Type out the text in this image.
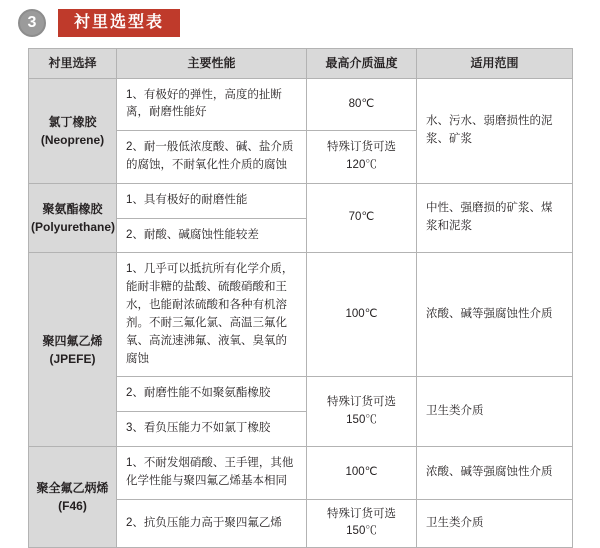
3	衬里选型表
衬里选择	主要性能	最高介质温度	适用范围
氯丁橡胶
(Neoprene)	1、有极好的弹性，高度的扯断离，耐磨性能好	80℃	水、污水、弱磨损性的泥浆、矿浆
	2、耐一般低浓度酸、碱、盐介质的腐蚀，不耐氧化性介质的腐蚀	特殊订货可选120℃	
聚氨酯橡胶
(Polyurethane)	1、具有极好的耐磨性能	70℃	中性、强磨损的矿浆、煤浆和泥浆
	2、耐酸、碱腐蚀性能较差		
聚四氟乙烯
(JPEFE)	1、几乎可以抵抗所有化学介质，能耐非糖的盐酸、硫酸硝酸和王水，也能耐浓硫酸和各种有机溶剂。不耐三氟化氯、高温三氟化氧、高流速沸氟、液氧、臭氧的腐蚀	100℃	浓酸、碱等强腐蚀性介质
	2、耐磨性能不如聚氨酯橡胶	特殊订货可选150℃	卫生类介质
	3、看负压能力不如氯丁橡胶		
聚全氟乙炳烯
(F46)	1、不耐发烟硝酸、王手锂，其他化学性能与聚四氟乙烯基本相同	100℃	浓酸、碱等强腐蚀性介质
	2、抗负压能力高于聚四氟乙烯	特殊订货可选150℃	卫生类介质
